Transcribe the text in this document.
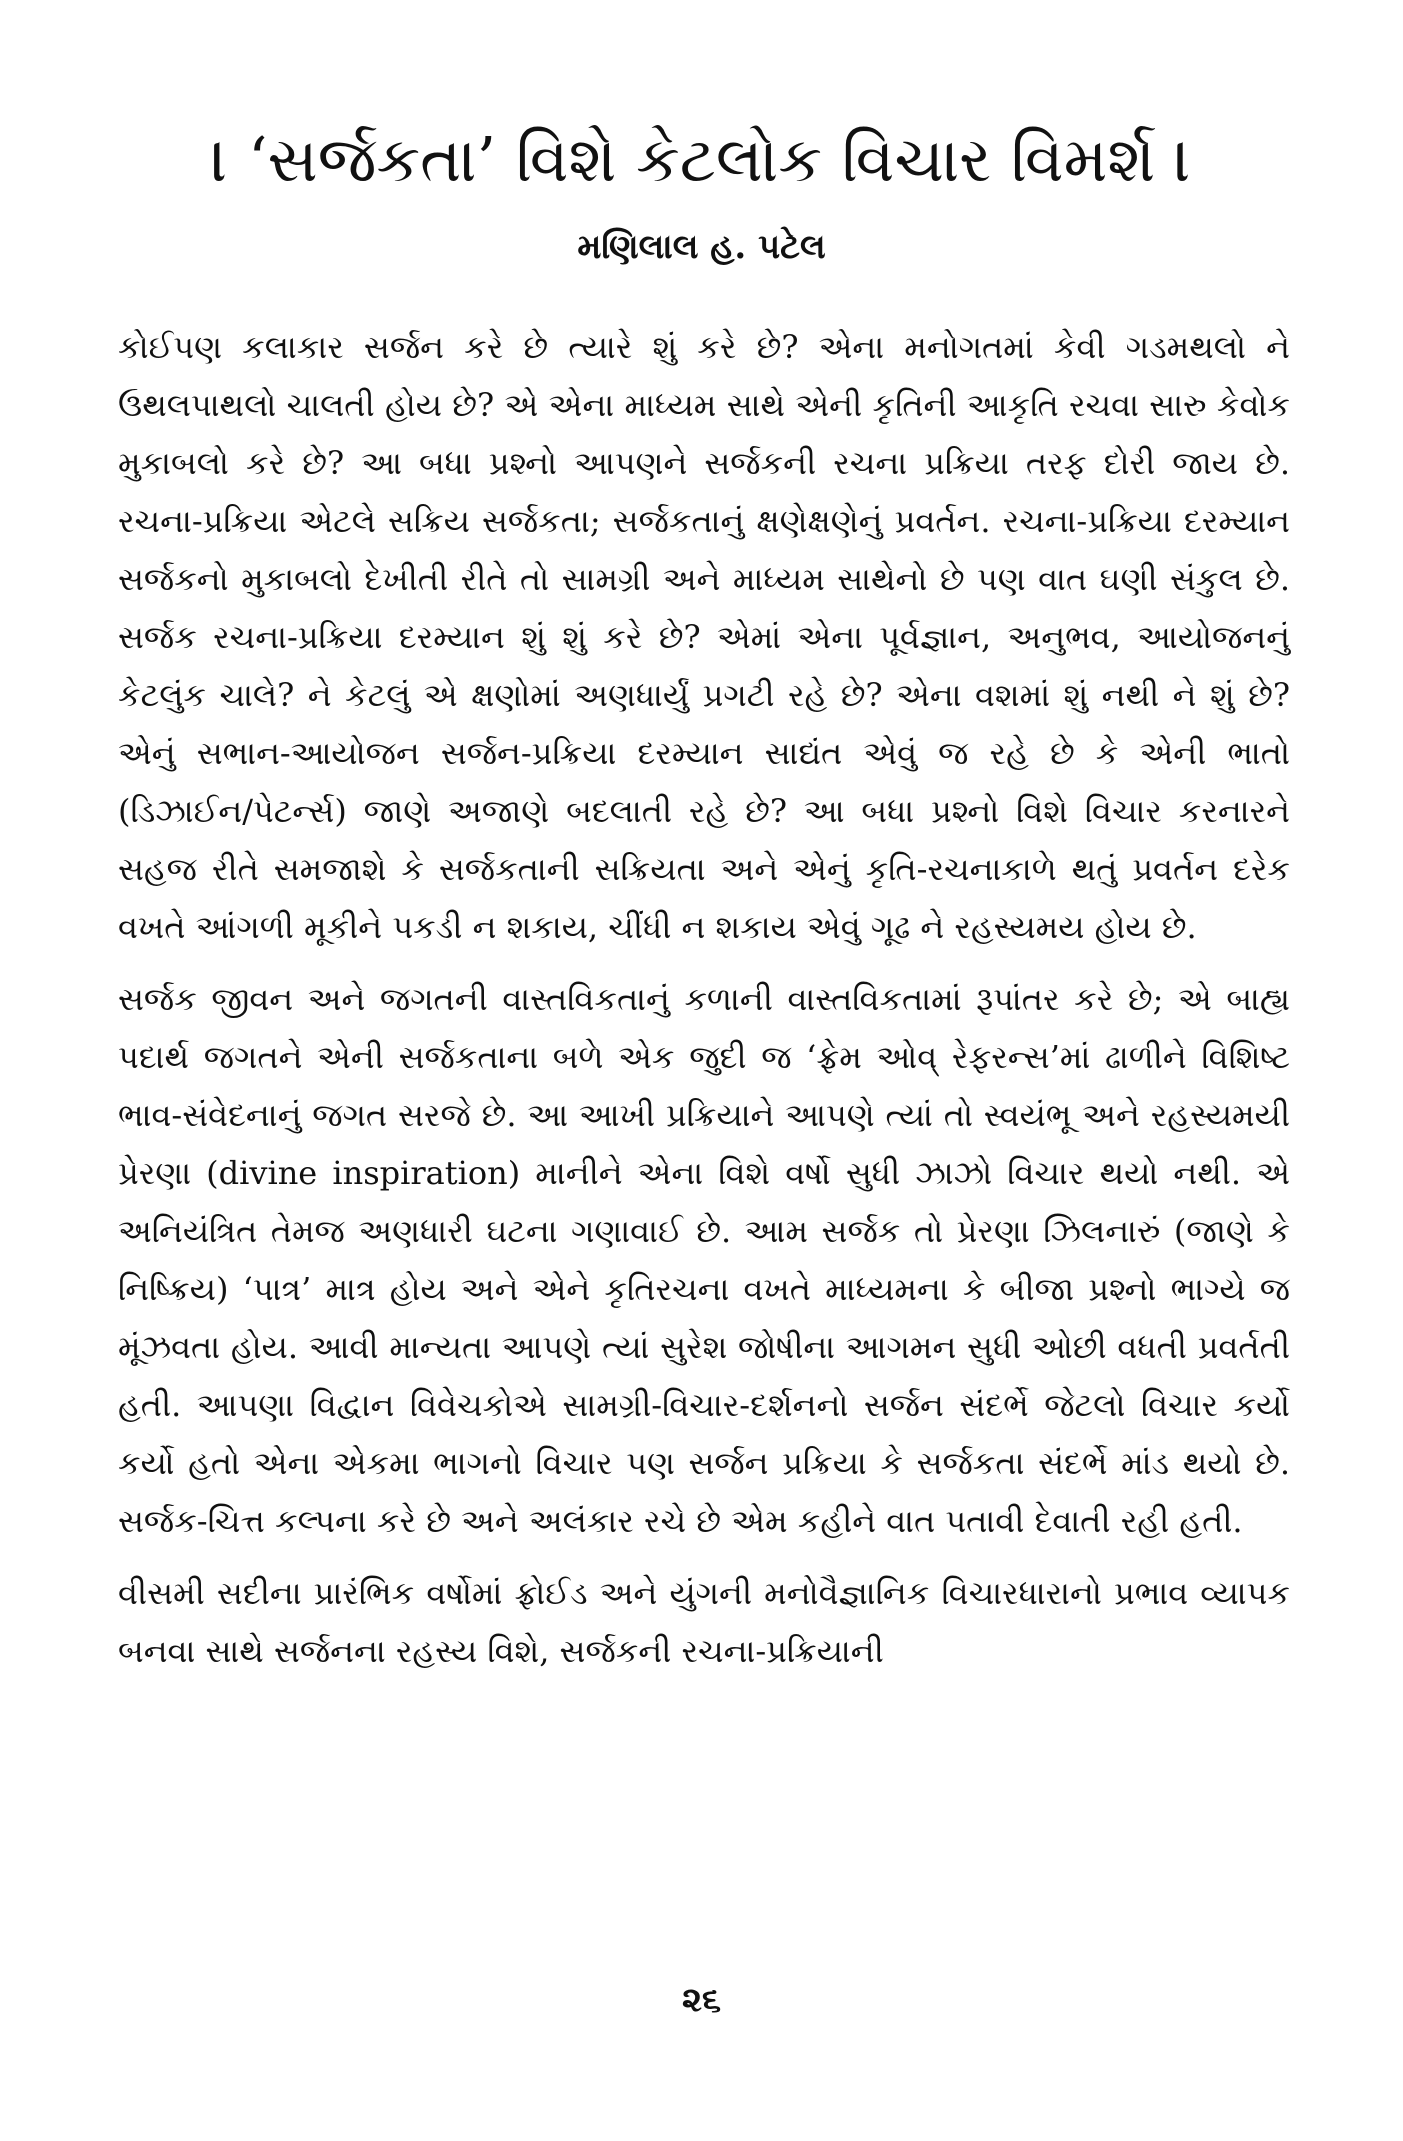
। ‘સર્જકતા’ વિશે કેટલોક વિચાર વિમર્શ ।
મણિલાલ હ. પટેલ

કોઈપણ કલાકાર સર્જન કરે છે ત્યારે શું કરે છે? એના મનોગતમાં કેવી ગડમથલો ને ઉથલપાથલો ચાલતી હોય છે? એ એના માધ્યમ સાથે એની કૃતિની આકૃતિ રચવા સારુ કેવોક મુકાબલો કરે છે? આ બધા પ્રશ્નો આપણને સર્જકની રચના પ્રક્રિયા તરફ દોરી જાય છે. રચના-પ્રક્રિયા એટલે સક્રિય સર્જકતા; સર્જકતાનું ક્ષણેક્ષણેનું પ્રવર્તન. રચના-પ્રક્રિયા દરમ્યાન સર્જકનો મુકાબલો દેખીતી રીતે તો સામગ્રી અને માધ્યમ સાથેનો છે પણ વાત ઘણી સંકુલ છે. સર્જક રચના-પ્રક્રિયા દરમ્યાન શું શું કરે છે? એમાં એના પૂર્વજ્ઞાન, અનુભવ, આયોજનનું કેટલુંક ચાલે? ને કેટલું એ ક્ષણોમાં અણધાર્યું પ્રગટી રહે છે? એના વશમાં શું નથી ને શું છે? એનું સભાન-આયોજન સર્જન-પ્રક્રિયા દરમ્યાન સાદ્યંત એવું જ રહે છે કે એની ભાતો (ડિઝાઈન/પેટર્ન્સ) જાણે અજાણે બદલાતી રહે છે? આ બધા પ્રશ્નો વિશે વિચાર કરનારને સહજ રીતે સમજાશે કે સર્જકતાની સક્રિયતા અને એનું કૃતિ-રચનાકાળે થતું પ્રવર્તન દરેક વખતે આંગળી મૂકીને પકડી ન શકાય, ચીંધી ન શકાય એવું ગૂઢ ને રહસ્યમય હોય છે.

સર્જક જીવન અને જગતની વાસ્તવિકતાનું કળાની વાસ્તવિકતામાં રૂપાંતર કરે છે; એ બાહ્ય પદાર્થ જગતને એની સર્જકતાના બળે એક જુદી જ ‘ફ્રેમ ઓવ્ રેફરન્સ’માં ઢાળીને વિશિષ્ટ ભાવ-સંવેદનાનું જગત સરજે છે. આ આખી પ્રક્રિયાને આપણે ત્યાં તો સ્વયંભૂ અને રહસ્યમયી પ્રેરણા (divine inspiration) માનીને એના વિશે વર્ષો સુધી ઝાઝો વિચાર થયો નથી. એ અનિયંત્રિત તેમજ અણધારી ઘટના ગણાવાઈ છે. આમ સર્જક તો પ્રેરણા ઝિલનારું (જાણે કે નિષ્ક્રિય) ‘પાત્ર’ માત્ર હોય અને એને કૃતિરચના વખતે માધ્યમના કે બીજા પ્રશ્નો ભાગ્યે જ મૂંઝવતા હોય. આવી માન્યતા આપણે ત્યાં સુરેશ જોષીના આગમન સુધી ઓછી વધતી પ્રવર્તતી હતી. આપણા વિદ્વાન વિવેચકોએ સામગ્રી-વિચાર-દર્શનનો સર્જન સંદર્ભે જેટલો વિચાર કર્યો કર્યો હતો એના એકમા ભાગનો વિચાર પણ સર્જન પ્રક્રિયા કે સર્જકતા સંદર્ભે માંડ થયો છે. સર્જક-ચિત્ત કલ્પના કરે છે અને અલંકાર રચે છે એમ કહીને વાત પતાવી દેવાતી રહી હતી.

વીસમી સદીના પ્રારંભિક વર્ષોમાં ફ્રોઈડ અને યુંગની મનોવૈજ્ઞાનિક વિચારધારાનો પ્રભાવ વ્યાપક બનવા સાથે સર્જનના રહસ્ય વિશે, સર્જકની રચના-પ્રક્રિયાની

૨૬
